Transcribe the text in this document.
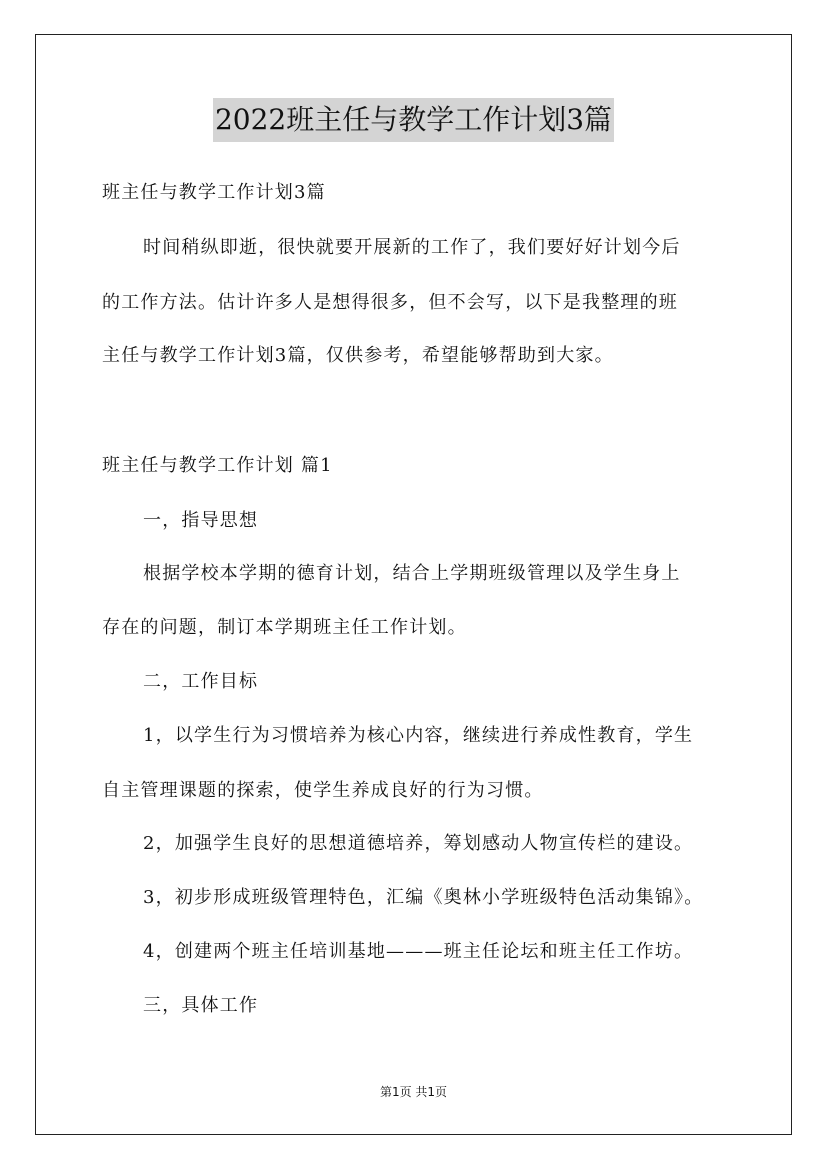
2022班主任与教学工作计划3篇
班主任与教学工作计划3篇
时间稍纵即逝，很快就要开展新的工作了，我们要好好计划今后
的工作方法。估计许多人是想得很多，但不会写，以下是我整理的班
主任与教学工作计划3篇，仅供参考，希望能够帮助到大家。
班主任与教学工作计划 篇1
一，指导思想
根据学校本学期的德育计划，结合上学期班级管理以及学生身上
存在的问题，制订本学期班主任工作计划。
二，工作目标
1，以学生行为习惯培养为核心内容，继续进行养成性教育，学生
自主管理课题的探索，使学生养成良好的行为习惯。
2，加强学生良好的思想道德培养，筹划感动人物宣传栏的建设。
3，初步形成班级管理特色，汇编《奥林小学班级特色活动集锦》。
4，创建两个班主任培训基地———班主任论坛和班主任工作坊。
三，具体工作
第1页 共1页
